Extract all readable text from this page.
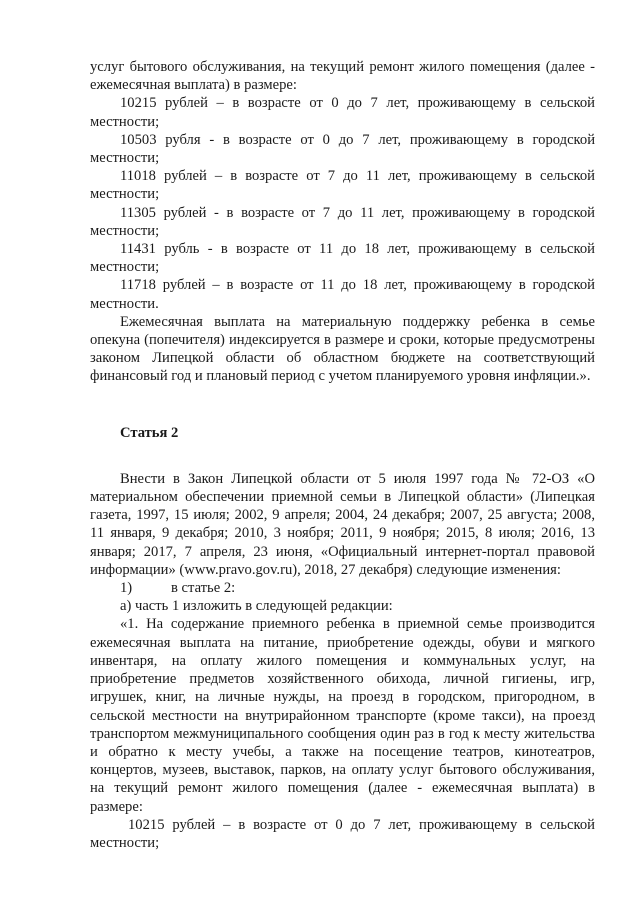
услуг бытового обслуживания, на текущий ремонт жилого помещения (далее - ежемесячная выплата) в размере:

10215 рублей – в возрасте от 0 до 7 лет, проживающему в сельской местности;

10503 рубля - в возрасте от 0 до 7 лет, проживающему в городской местности;

11018 рублей – в возрасте от 7 до 11 лет, проживающему в сельской местности;

11305 рублей - в возрасте от 7 до 11 лет, проживающему в городской местности;

11431 рубль - в возрасте от 11 до 18 лет, проживающему в сельской местности;

11718 рублей – в возрасте от 11 до 18 лет, проживающему в городской местности.

Ежемесячная выплата на материальную поддержку ребенка в семье опекуна (попечителя) индексируется в размере и сроки, которые предусмотрены законом Липецкой области об областном бюджете на соответствующий финансовый год и плановый период с учетом планируемого уровня инфляции.».

Статья 2

Внести в Закон Липецкой области от 5 июля 1997 года № 72-ОЗ «О материальном обеспечении приемной семьи в Липецкой области» (Липецкая газета, 1997, 15 июля; 2002, 9 апреля; 2004, 24 декабря; 2007, 25 августа; 2008, 11 января, 9 декабря; 2010, 3 ноября; 2011, 9 ноября; 2015, 8 июля; 2016, 13 января; 2017, 7 апреля, 23 июня, «Официальный интернет-портал правовой информации» (www.pravo.gov.ru), 2018, 27 декабря) следующие изменения:

1)	в статье 2:

а) часть 1 изложить в следующей редакции:

«1. На содержание приемного ребенка в приемной семье производится ежемесячная выплата на питание, приобретение одежды, обуви и мягкого инвентаря, на оплату жилого помещения и коммунальных услуг, на приобретение предметов хозяйственного обихода, личной гигиены, игр, игрушек, книг, на личные нужды, на проезд в городском, пригородном, в сельской местности на внутрирайонном транспорте (кроме такси), на проезд транспортом межмуниципального сообщения один раз в год к месту жительства и обратно к месту учебы, а также на посещение театров, кинотеатров, концертов, музеев, выставок, парков, на оплату услуг бытового обслуживания, на текущий ремонт жилого помещения (далее - ежемесячная выплата) в размере:

10215 рублей – в возрасте от 0 до 7 лет, проживающему в сельской местности;
